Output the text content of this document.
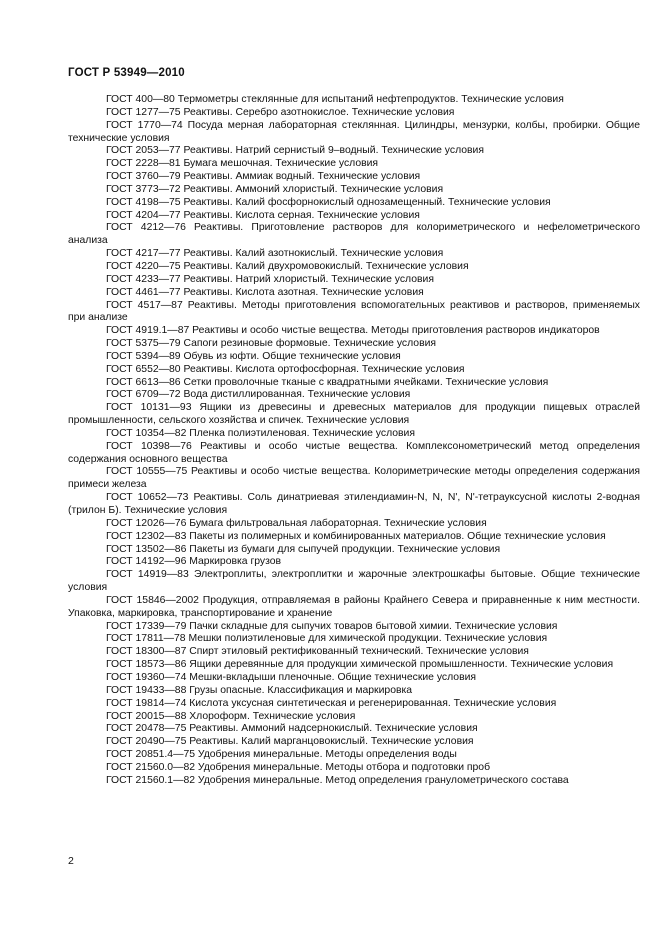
ГОСТ Р 53949—2010
ГОСТ 400—80 Термометры стеклянные для испытаний нефтепродуктов. Технические условия
ГОСТ 1277—75 Реактивы. Серебро азотнокислое. Технические условия
ГОСТ 1770—74 Посуда мерная лабораторная стеклянная. Цилиндры, мензурки, колбы, пробирки. Общие технические условия
ГОСТ 2053—77 Реактивы. Натрий сернистый 9–водный. Технические условия
ГОСТ 2228—81 Бумага мешочная. Технические условия
ГОСТ 3760—79 Реактивы. Аммиак водный. Технические условия
ГОСТ 3773—72 Реактивы. Аммоний хлористый. Технические условия
ГОСТ 4198—75 Реактивы. Калий фосфорнокислый однозамещенный. Технические условия
ГОСТ 4204—77 Реактивы. Кислота серная. Технические условия
ГОСТ 4212—76 Реактивы. Приготовление растворов для колориметрического и нефелометрического анализа
ГОСТ 4217—77 Реактивы. Калий азотнокислый. Технические условия
ГОСТ 4220—75 Реактивы. Калий двухромовокислый. Технические условия
ГОСТ 4233—77 Реактивы. Натрий хлористый. Технические условия
ГОСТ 4461—77 Реактивы. Кислота азотная. Технические условия
ГОСТ 4517—87 Реактивы. Методы приготовления вспомогательных реактивов и растворов, применяемых при анализе
ГОСТ 4919.1—87 Реактивы и особо чистые вещества. Методы приготовления растворов индикаторов
ГОСТ 5375—79 Сапоги резиновые формовые. Технические условия
ГОСТ 5394—89 Обувь из юфти. Общие технические условия
ГОСТ 6552—80 Реактивы. Кислота ортофосфорная. Технические условия
ГОСТ 6613—86 Сетки проволочные тканые с квадратными ячейками. Технические условия
ГОСТ 6709—72 Вода дистиллированная. Технические условия
ГОСТ 10131—93 Ящики из древесины и древесных материалов для продукции пищевых отраслей промышленности, сельского хозяйства и спичек. Технические условия
ГОСТ 10354—82 Пленка полиэтиленовая. Технические условия
ГОСТ 10398—76 Реактивы и особо чистые вещества. Комплексонометрический метод определения содержания основного вещества
ГОСТ 10555—75 Реактивы и особо чистые вещества. Колориметрические методы определения содержания примеси железа
ГОСТ 10652—73 Реактивы. Соль динатриевая этилендиамин-N, N, N', N'-тетрауксусной кислоты 2-водная (трилон Б). Технические условия
ГОСТ 12026—76 Бумага фильтровальная лабораторная. Технические условия
ГОСТ 12302—83 Пакеты из полимерных и комбинированных материалов. Общие технические условия
ГОСТ 13502—86 Пакеты из бумаги для сыпучей продукции. Технические условия
ГОСТ 14192—96 Маркировка грузов
ГОСТ 14919—83 Электроплиты, электроплитки и жарочные электрошкафы бытовые. Общие технические условия
ГОСТ 15846—2002 Продукция, отправляемая в районы Крайнего Севера и приравненные к ним местности. Упаковка, маркировка, транспортирование и хранение
ГОСТ 17339—79 Пачки складные для сыпучих товаров бытовой химии. Технические условия
ГОСТ 17811—78 Мешки полиэтиленовые для химической продукции. Технические условия
ГОСТ 18300—87 Спирт этиловый ректификованный технический. Технические условия
ГОСТ 18573—86 Ящики деревянные для продукции химической промышленности. Технические условия
ГОСТ 19360—74 Мешки-вкладыши пленочные. Общие технические условия
ГОСТ 19433—88 Грузы опасные. Классификация и маркировка
ГОСТ 19814—74 Кислота уксусная синтетическая и регенерированная. Технические условия
ГОСТ 20015—88 Хлороформ. Технические условия
ГОСТ 20478—75 Реактивы. Аммоний надсернокислый. Технические условия
ГОСТ 20490—75 Реактивы. Калий марганцовокислый. Технические условия
ГОСТ 20851.4—75 Удобрения минеральные. Методы определения воды
ГОСТ 21560.0—82 Удобрения минеральные. Методы отбора и подготовки проб
ГОСТ 21560.1—82 Удобрения минеральные. Метод определения гранулометрического состава
2
